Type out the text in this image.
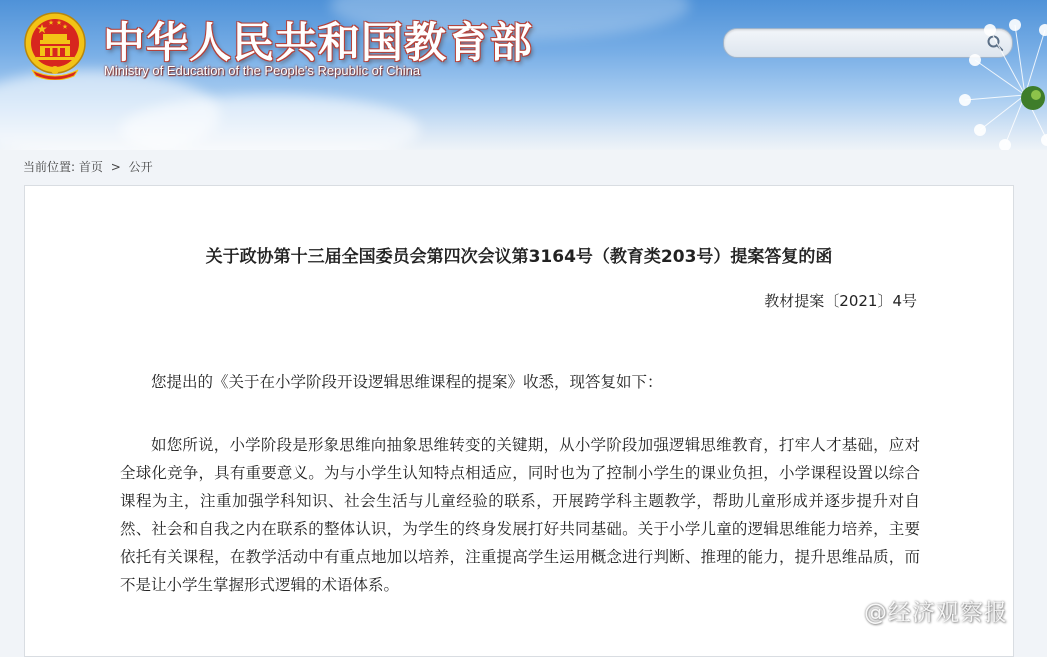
中华人民共和国教育部

Ministry of Education of the People's Republic of China

当前位置: 首页 > 公开
关于政协第十三届全国委员会第四次会议第3164号（教育类203号）提案答复的函
教材提案〔2021〕4号

您提出的《关于在小学阶段开设逻辑思维课程的提案》收悉，现答复如下：

如您所说，小学阶段是形象思维向抽象思维转变的关键期，从小学阶段加强逻辑思维教育，打牢人才基础，应对全球化竞争，具有重要意义。为与小学生认知特点相适应，同时也为了控制小学生的课业负担，小学课程设置以综合课程为主，注重加强学科知识、社会生活与儿童经验的联系，开展跨学科主题教学，帮助儿童形成并逐步提升对自然、社会和自我之内在联系的整体认识，为学生的终身发展打好共同基础。关于小学儿童的逻辑思维能力培养，主要依托有关课程，在教学活动中有重点地加以培养，注重提高学生运用概念进行判断、推理的能力，提升思维品质，而不是让小学生掌握形式逻辑的术语体系。

@经济观察报
